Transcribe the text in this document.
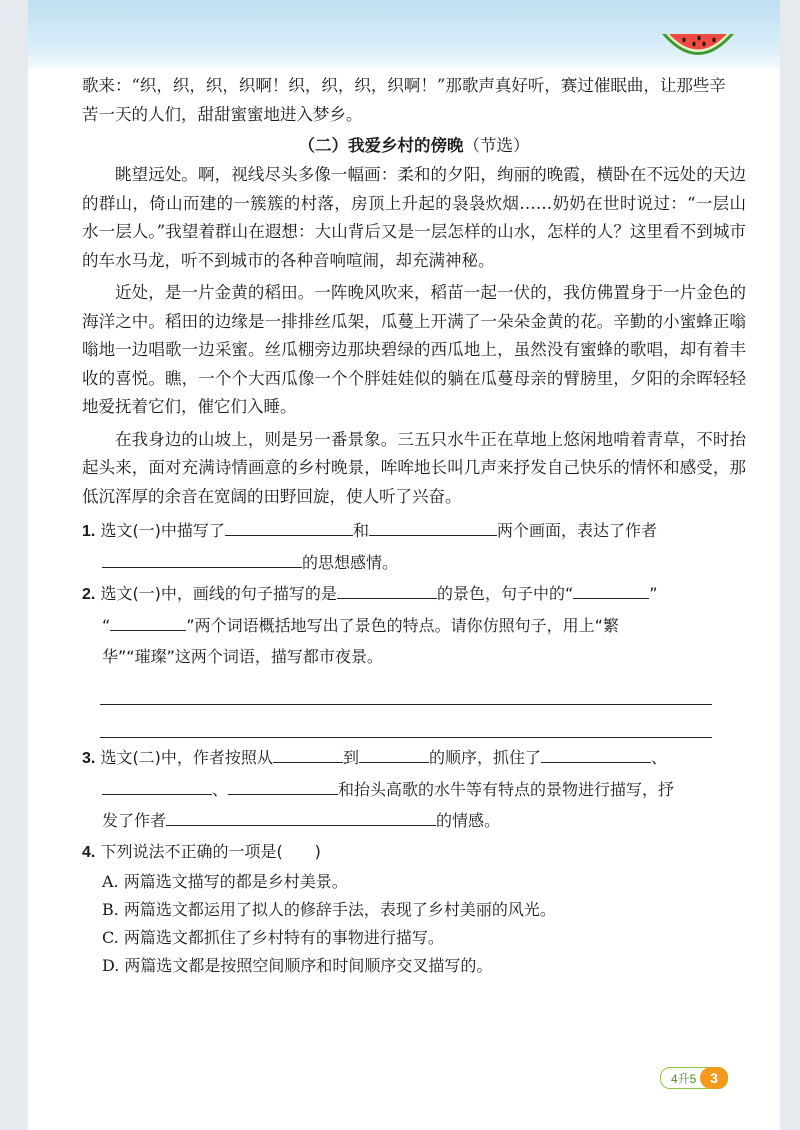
歌来：“织，织，织，织啊！织，织，织，织啊！”那歌声真好听，赛过催眠曲，让那些辛

苦一天的人们，甜甜蜜蜜地进入梦乡。

（二）我爱乡村的傍晚（节选）

眺望远处。啊，视线尽头多像一幅画：柔和的夕阳，绚丽的晚霞，横卧在不远处的天边的群山，倚山而建的一簇簇的村落，房顶上升起的袅袅炊烟……奶奶在世时说过：“一层山水一层人。”我望着群山在遐想：大山背后又是一层怎样的山水，怎样的人？这里看不到城市的车水马龙，听不到城市的各种音响喧闹，却充满神秘。

近处，是一片金黄的稻田。一阵晚风吹来，稻苗一起一伏的，我仿佛置身于一片金色的海洋之中。稻田的边缘是一排排丝瓜架，瓜蔓上开满了一朵朵金黄的花。辛勤的小蜜蜂正嗡嗡地一边唱歌一边采蜜。丝瓜棚旁边那块碧绿的西瓜地上，虽然没有蜜蜂的歌唱，却有着丰收的喜悦。瞧，一个个大西瓜像一个个胖娃娃似的躺在瓜蔓母亲的臂膀里，夕阳的余晖轻轻地爱抚着它们，催它们入睡。

在我身边的山坡上，则是另一番景象。三五只水牛正在草地上悠闲地啃着青草，不时抬起头来，面对充满诗情画意的乡村晚景，哞哞地长叫几声来抒发自己快乐的情怀和感受，那低沉浑厚的余音在宽阔的田野回旋，使人听了兴奋。

1. 选文(一)中描写了	和	两个画面，表达了作者
的思想感情。

2. 选文(一)中，画线的句子描写的是	的景色，句子中的“	”
“	”两个词语概括地写出了景色的特点。请你仿照句子，用上“繁
华”“璀璨”这两个词语，描写都市夜景。

3. 选文(二)中，作者按照从	到	的顺序，抓住了	、
、	和抬头高歌的水牛等有特点的景物进行描写，抒
发了作者	的情感。

4. 下列说法不正确的一项是(　　)

A. 两篇选文描写的都是乡村美景。

B. 两篇选文都运用了拟人的修辞手法，表现了乡村美丽的风光。

C. 两篇选文都抓住了乡村特有的事物进行描写。

D. 两篇选文都是按照空间顺序和时间顺序交叉描写的。

4升5 3
